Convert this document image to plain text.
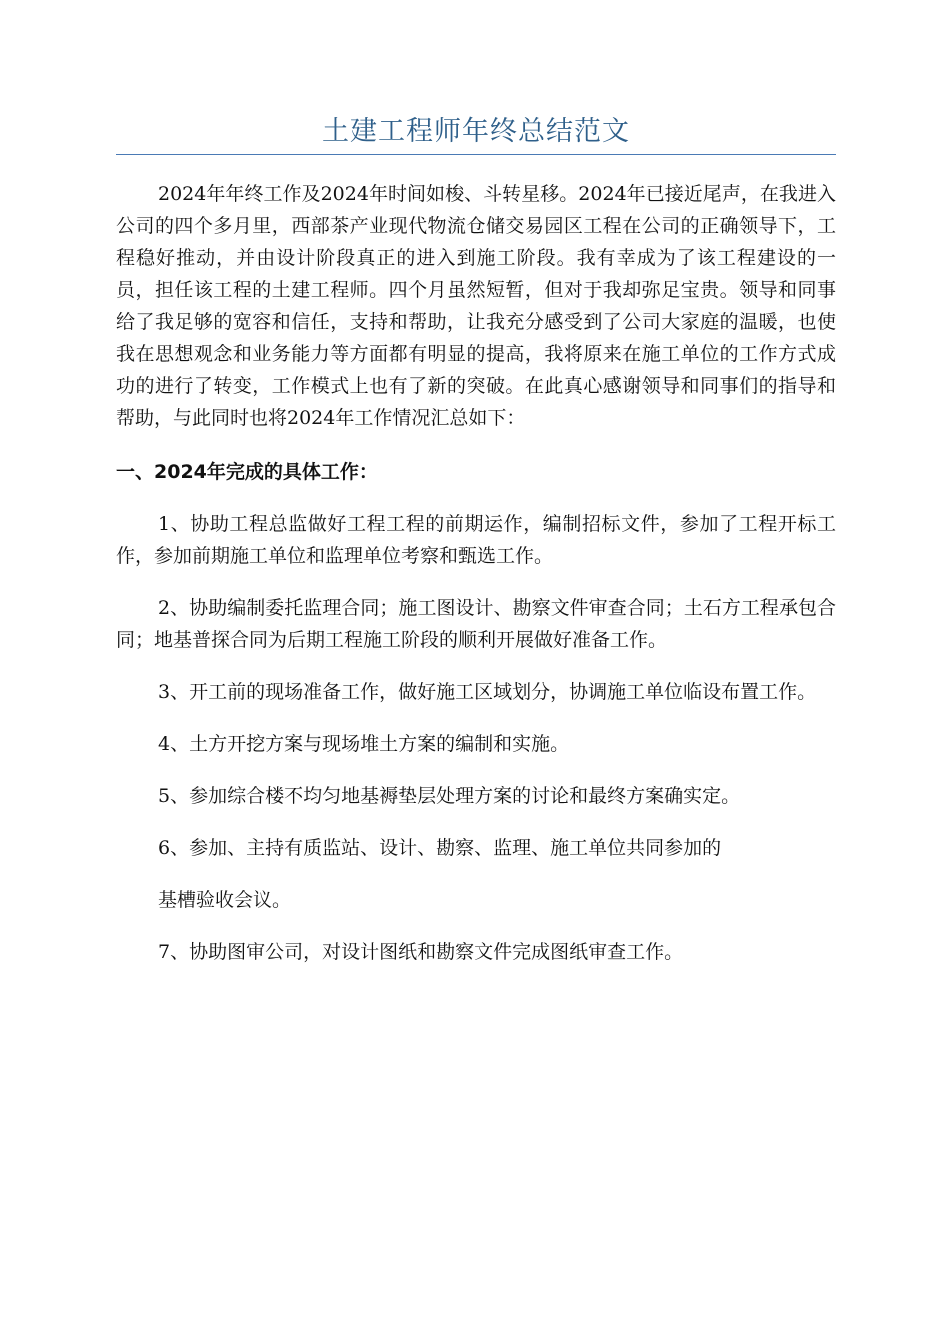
土建工程师年终总结范文

2024年年终工作及2024年时间如梭、斗转星移。2024年已接近尾声，在我进入公司的四个多月里，西部茶产业现代物流仓储交易园区工程在公司的正确领导下，工程稳好推动，并由设计阶段真正的进入到施工阶段。我有幸成为了该工程建设的一员，担任该工程的土建工程师。四个月虽然短暂，但对于我却弥足宝贵。领导和同事给了我足够的宽容和信任，支持和帮助，让我充分感受到了公司大家庭的温暖，也使我在思想观念和业务能力等方面都有明显的提高，我将原来在施工单位的工作方式成功的进行了转变，工作模式上也有了新的突破。在此真心感谢领导和同事们的指导和帮助，与此同时也将2024年工作情况汇总如下：

一、2024年完成的具体工作：

1、协助工程总监做好工程工程的前期运作，编制招标文件，参加了工程开标工作，参加前期施工单位和监理单位考察和甄选工作。

2、协助编制委托监理合同；施工图设计、勘察文件审查合同；土石方工程承包合同；地基普探合同为后期工程施工阶段的顺利开展做好准备工作。

3、开工前的现场准备工作，做好施工区域划分，协调施工单位临设布置工作。

4、土方开挖方案与现场堆土方案的编制和实施。

5、参加综合楼不均匀地基褥垫层处理方案的讨论和最终方案确实定。

6、参加、主持有质监站、设计、勘察、监理、施工单位共同参加的

基槽验收会议。

7、协助图审公司，对设计图纸和勘察文件完成图纸审查工作。
